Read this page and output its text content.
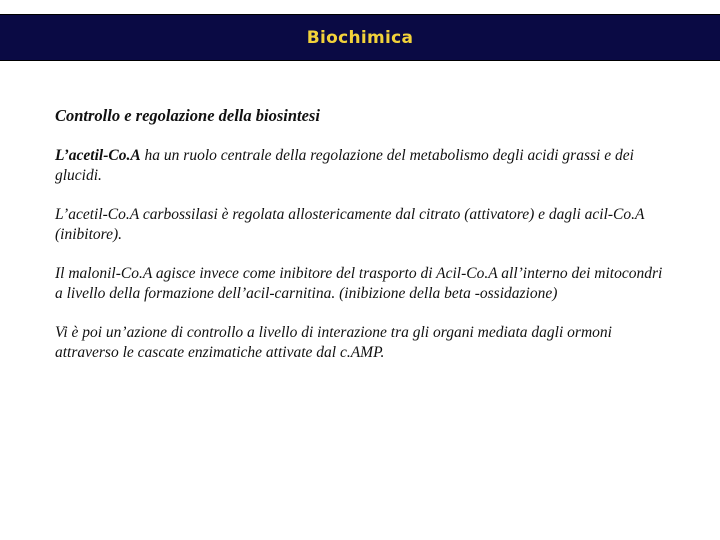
Biochimica

Controllo e regolazione della biosintesi

L’acetil-Co.A ha un ruolo centrale della regolazione del metabolismo degli acidi grassi e dei glucidi.

L’acetil-Co.A carbossilasi è regolata allostericamente dal citrato (attivatore) e dagli acil-Co.A (inibitore).

Il malonil-Co.A agisce invece come inibitore del trasporto di Acil-Co.A all’interno dei mitocondri a livello della formazione dell’acil-carnitina. (inibizione della beta -ossidazione)

Vi è poi un’azione di controllo a livello di interazione tra gli organi mediata dagli ormoni attraverso le cascate enzimatiche attivate dal c.AMP.
